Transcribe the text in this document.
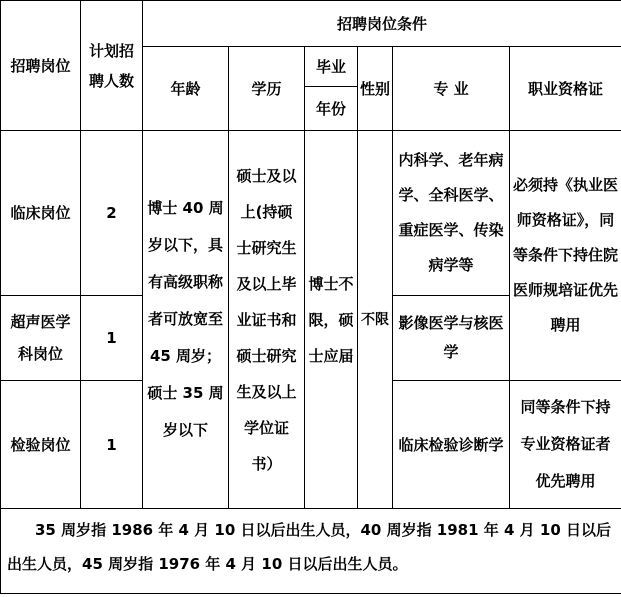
招聘岗位	计划招聘人数	招聘岗位条件					
		年龄	学历	毕业	性别	专 业	职业资格证
				年份			
临床岗位	2	博士 40 周岁以下，具有高级职称者可放宽至45 周岁；硕士 35 周岁以下	硕士及以上(持硕士研究生及以上毕业证书和硕士研究生及以上学位证书）	博士不限，硕士应届	不限	内科学、老年病学、全科医学、重症医学、传染病学等	必须持《执业医师资格证》，同等条件下持住院医师规培证优先聘用

超声医学科岗位	1					影像医学与核医学	

检验岗位	1					临床检验诊断学	同等条件下持专业资格证者优先聘用

35 周岁指 1986 年 4 月 10 日以后出生人员，40 周岁指 1981 年 4 月 10 日以后出生人员，45 周岁指 1976 年 4 月 10 日以后出生人员。							
